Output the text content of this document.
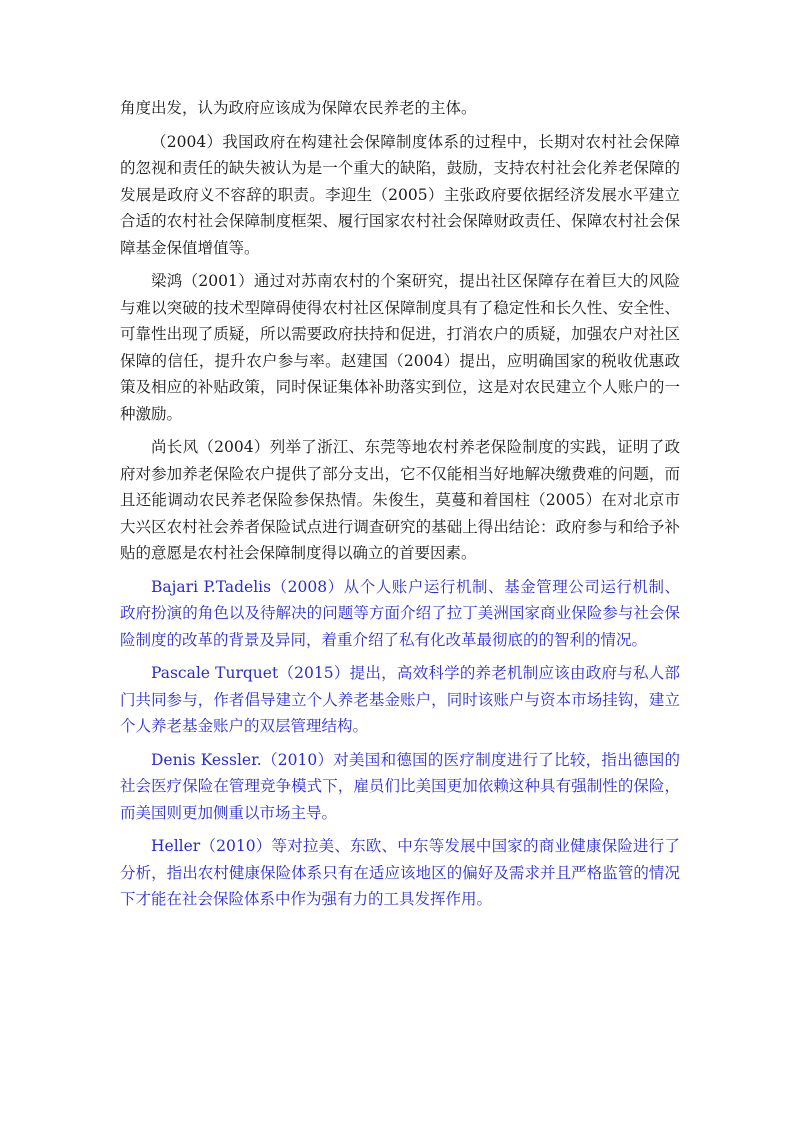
角度出发，认为政府应该成为保障农民养老的主体。

（2004）我国政府在构建社会保障制度体系的过程中，长期对农村社会保障的忽视和责任的缺失被认为是一个重大的缺陷，鼓励，支持农村社会化养老保障的发展是政府义不容辞的职责。李迎生（2005）主张政府要依据经济发展水平建立合适的农村社会保障制度框架、履行国家农村社会保障财政责任、保障农村社会保障基金保值增值等。

梁鸿（2001）通过对苏南农村的个案研究，提出社区保障存在着巨大的风险与难以突破的技术型障碍使得农村社区保障制度具有了稳定性和长久性、安全性、可靠性出现了质疑，所以需要政府扶持和促进，打消农户的质疑，加强农户对社区保障的信任，提升农户参与率。赵建国（2004）提出，应明确国家的税收优惠政策及相应的补贴政策，同时保证集体补助落实到位，这是对农民建立个人账户的一种激励。

尚长风（2004）列举了浙江、东莞等地农村养老保险制度的实践，证明了政府对参加养老保险农户提供了部分支出，它不仅能相当好地解决缴费难的问题，而且还能调动农民养老保险参保热情。朱俊生，莫蔓和着国柱（2005）在对北京市大兴区农村社会养者保险试点进行调查研究的基础上得出结论：政府参与和给予补贴的意愿是农村社会保障制度得以确立的首要因素。

Bajari P.Tadelis（2008）从个人账户运行机制、基金管理公司运行机制、政府扮演的角色以及待解决的问题等方面介绍了拉丁美洲国家商业保险参与社会保险制度的改革的背景及异同，着重介绍了私有化改革最彻底的的智利的情况。

Pascale Turquet（2015）提出，高效科学的养老机制应该由政府与私人部门共同参与，作者倡导建立个人养老基金账户，同时该账户与资本市场挂钩，建立个人养老基金账户的双层管理结构。

Denis Kessler.（2010）对美国和德国的医疗制度进行了比较，指出德国的社会医疗保险在管理竞争模式下，雇员们比美国更加依赖这种具有强制性的保险，而美国则更加侧重以市场主导。

Heller（2010）等对拉美、东欧、中东等发展中国家的商业健康保险进行了分析，指出农村健康保险体系只有在适应该地区的偏好及需求并且严格监管的情况下才能在社会保险体系中作为强有力的工具发挥作用。
